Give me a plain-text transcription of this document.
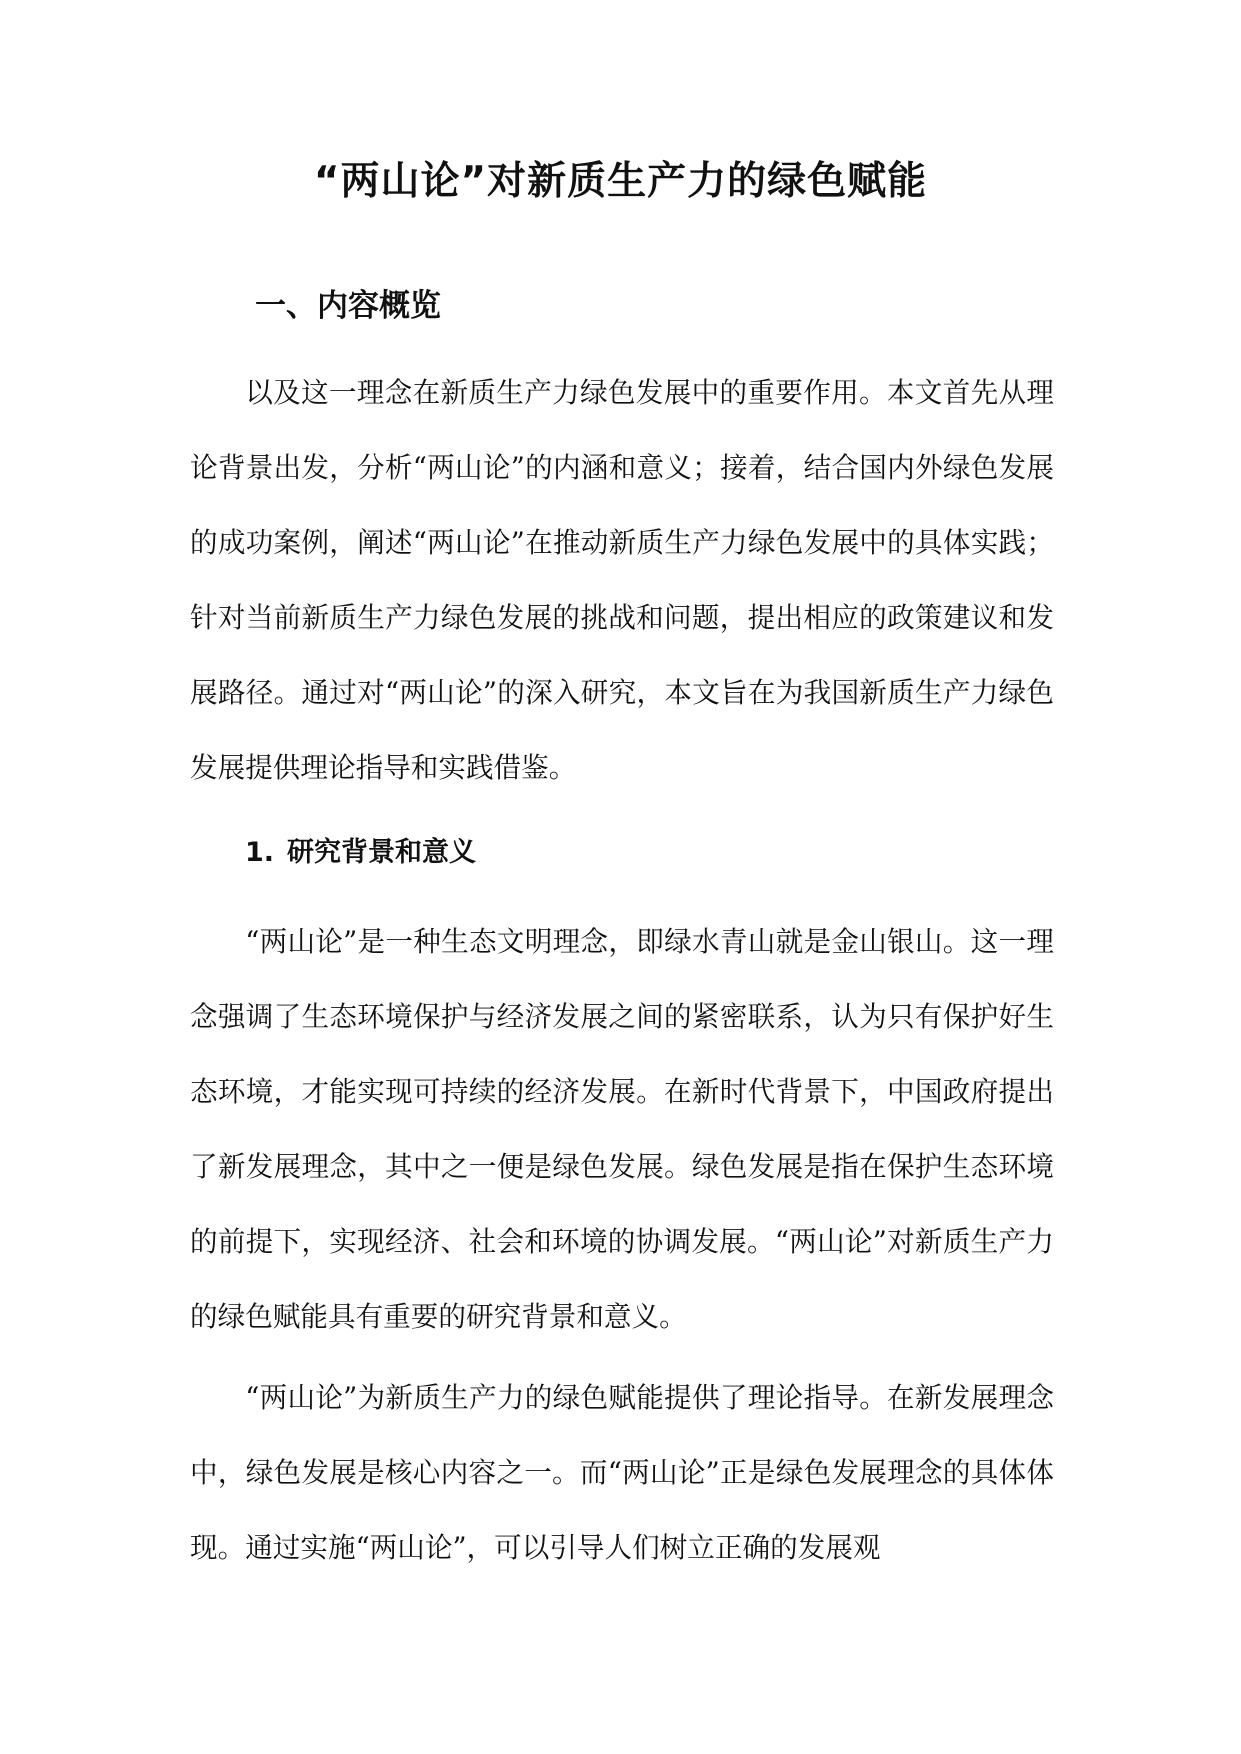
“两山论”对新质生产力的绿色赋能
一、内容概览

以及这一理念在新质生产力绿色发展中的重要作用。本文首先从理论背景出发，分析“两山论”的内涵和意义；接着，结合国内外绿色发展的成功案例，阐述“两山论”在推动新质生产力绿色发展中的具体实践；针对当前新质生产力绿色发展的挑战和问题，提出相应的政策建议和发展路径。通过对“两山论”的深入研究，本文旨在为我国新质生产力绿色发展提供理论指导和实践借鉴。

1. 研究背景和意义

“两山论”是一种生态文明理念，即绿水青山就是金山银山。这一理念强调了生态环境保护与经济发展之间的紧密联系，认为只有保护好生态环境，才能实现可持续的经济发展。在新时代背景下，中国政府提出了新发展理念，其中之一便是绿色发展。绿色发展是指在保护生态环境的前提下，实现经济、社会和环境的协调发展。“两山论”对新质生产力的绿色赋能具有重要的研究背景和意义。

“两山论”为新质生产力的绿色赋能提供了理论指导。在新发展理念中，绿色发展是核心内容之一。而“两山论”正是绿色发展理念的具体体现。通过实施“两山论”，可以引导人们树立正确的发展观
